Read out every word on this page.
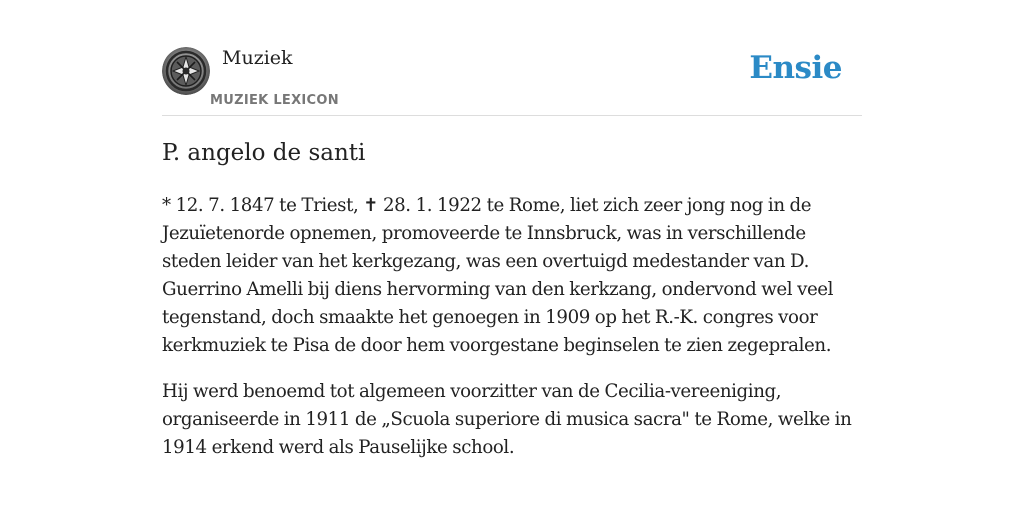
Muziek
MUZIEK LEXICON
Ensie
P. angelo de santi

* 12. 7. 1847 te Triest, ✝ 28. 1. 1922 te Rome, liet zich zeer jong nog in de Jezuïetenorde opnemen, promoveerde te Innsbruck, was in verschillende steden leider van het kerkgezang, was een overtuigd medestander van D. Guerrino Amelli bij diens hervorming van den kerkzang, ondervond wel veel tegenstand, doch smaakte het genoegen in 1909 op het R.-K. congres voor kerkmuziek te Pisa de door hem voorgestane beginselen te zien zegepralen.

Hij werd benoemd tot algemeen voorzitter van de Cecilia-vereeniging, organiseerde in 1911 de „Scuola superiore di musica sacra" te Rome, welke in 1914 erkend werd als Pauselijke school.
